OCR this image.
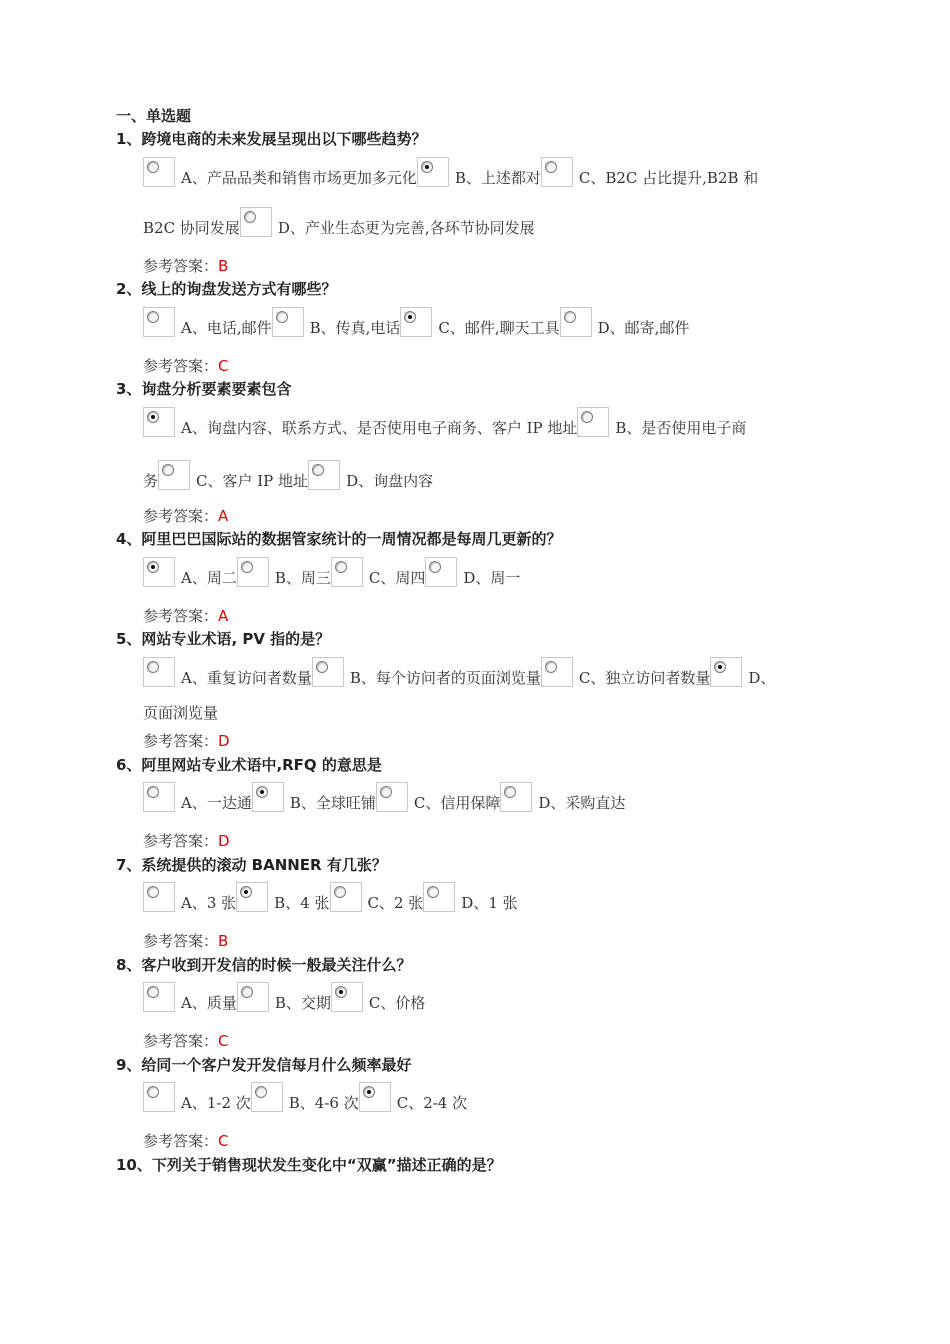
一、单选题
1、跨境电商的未来发展呈现出以下哪些趋势？
A、产品品类和销售市场更加多元化	B、上述都对	C、B2C 占比提升,B2B 和
B2C 协同发展	D、产业生态更为完善,各环节协同发展
参考答案：B
2、线上的询盘发送方式有哪些？
A、电话,邮件	B、传真,电话	C、邮件,聊天工具	D、邮寄,邮件
参考答案：C
3、询盘分析要素要素包含
A、询盘内容、联系方式、是否使用电子商务、客户 IP 地址	B、是否使用电子商
务	C、客户 IP 地址	D、询盘内容
参考答案：A
4、阿里巴巴国际站的数据管家统计的一周情况都是每周几更新的？
A、周二	B、周三	C、周四	D、周一
参考答案：A
5、网站专业术语, PV 指的是？
A、重复访问者数量	B、每个访问者的页面浏览量	C、独立访问者数量	D、
页面浏览量
参考答案：D
6、阿里网站专业术语中,RFQ 的意思是
A、一达通	B、全球旺铺	C、信用保障	D、采购直达
参考答案：D
7、系统提供的滚动 BANNER 有几张？
A、3 张	B、4 张	C、2 张	D、1 张
参考答案：B
8、客户收到开发信的时候一般最关注什么？
A、质量	B、交期	C、价格
参考答案：C
9、给同一个客户发开发信每月什么频率最好
A、1-2 次	B、4-6 次	C、2-4 次
参考答案：C
10、下列关于销售现状发生变化中“双赢”描述正确的是？
